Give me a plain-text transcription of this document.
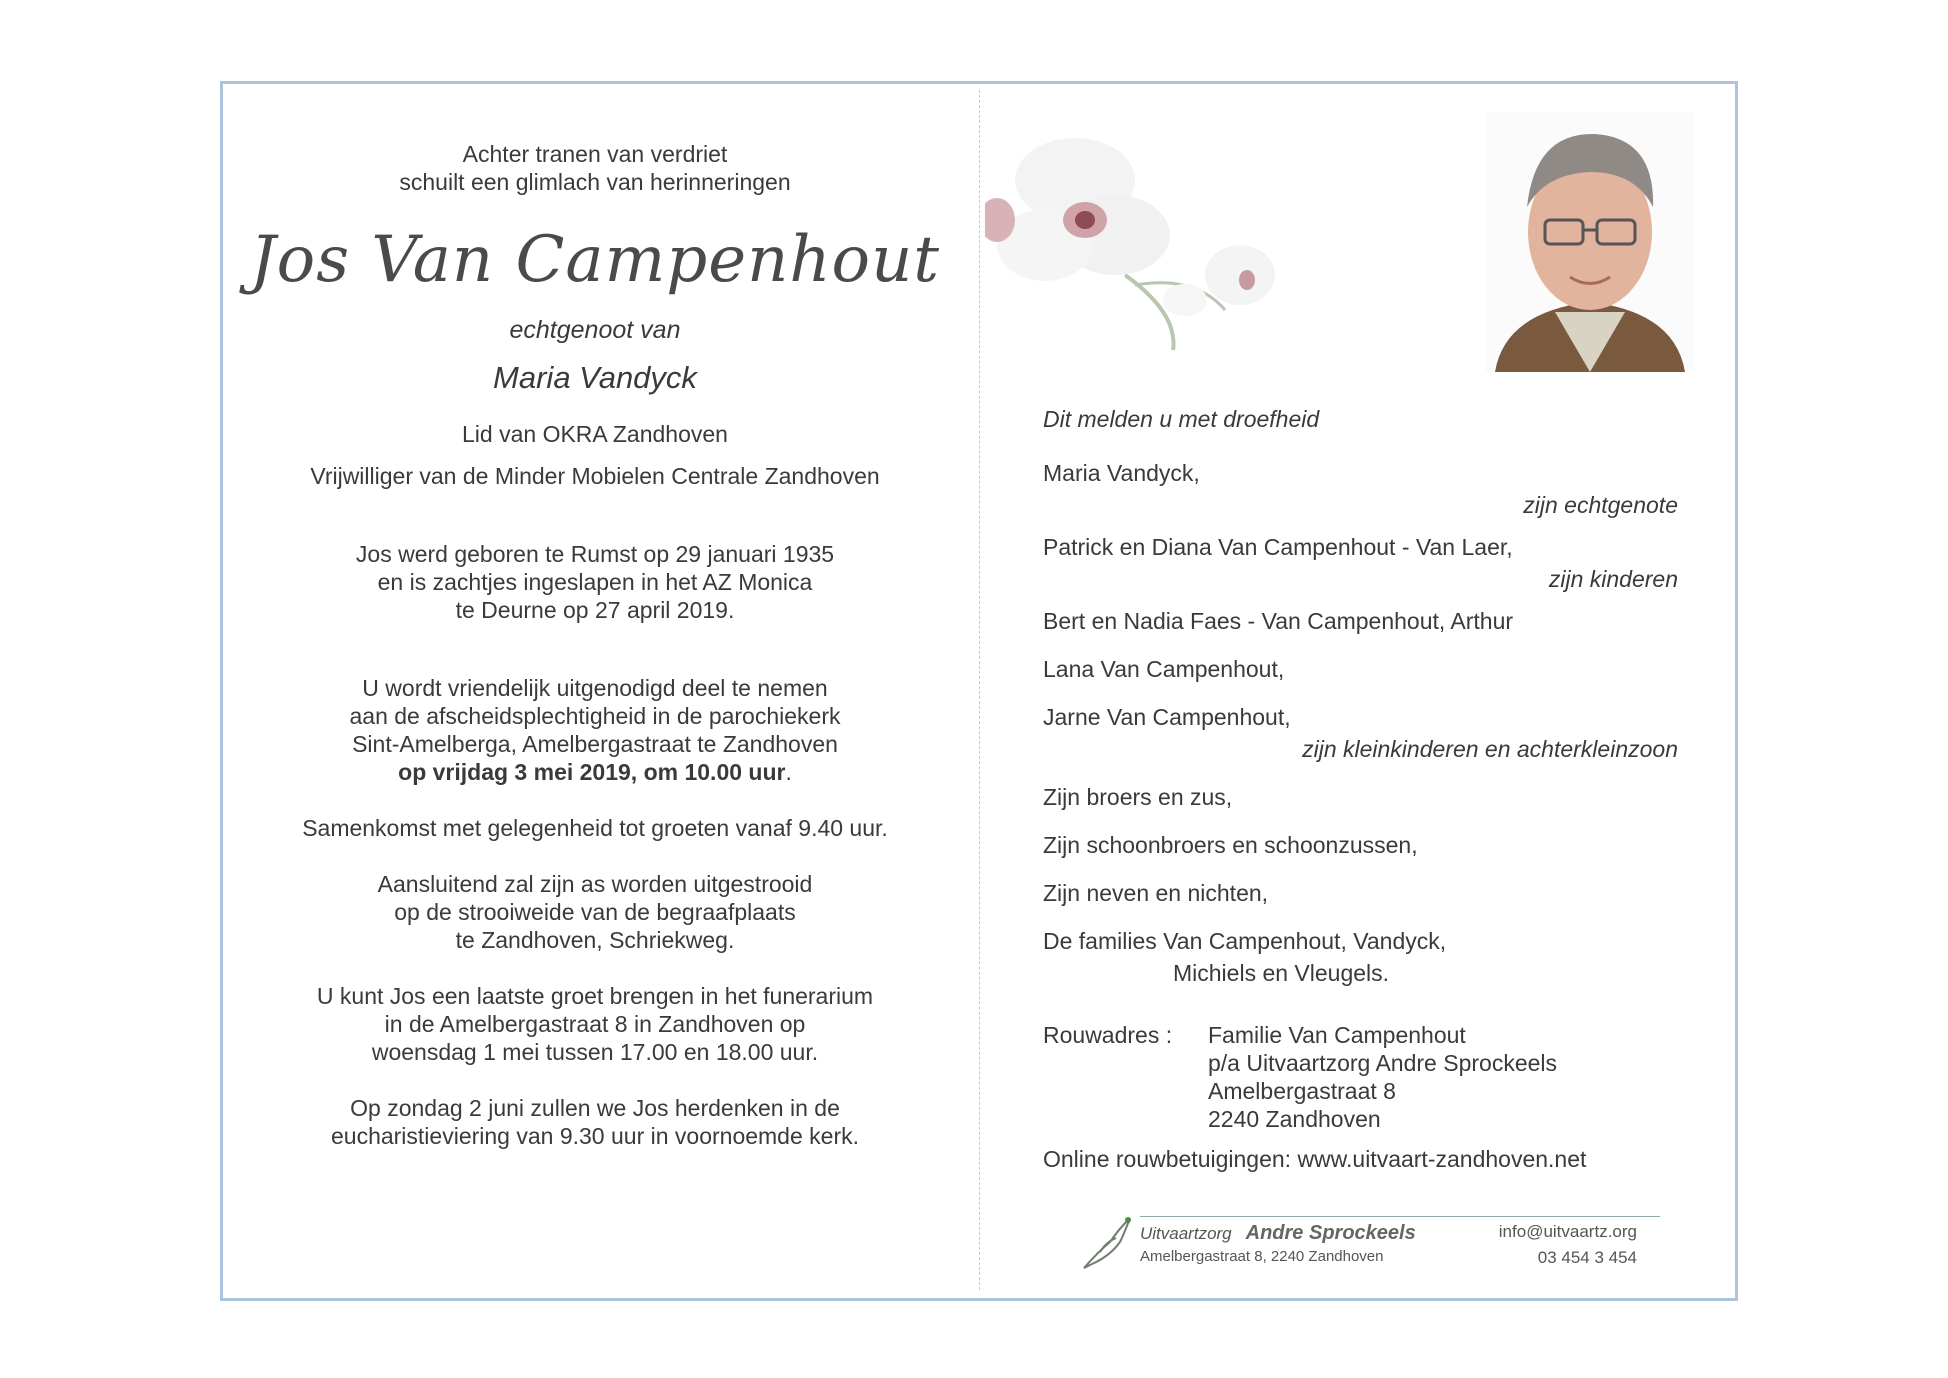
Achter tranen van verdriet

schuilt een glimlach van herinneringen

Jos Van Campenhout

echtgenoot van

Maria Vandyck

Lid van OKRA Zandhoven

Vrijwilliger van de Minder Mobielen Centrale Zandhoven

Jos werd geboren te Rumst op 29 januari 1935

en is zachtjes ingeslapen in het AZ Monica

te Deurne op 27 april 2019.

U wordt vriendelijk uitgenodigd deel te nemen

aan de afscheidsplechtigheid in de parochiekerk

Sint-Amelberga, Amelbergastraat te Zandhoven

op vrijdag 3 mei 2019, om 10.00 uur.

Samenkomst met gelegenheid tot groeten vanaf 9.40 uur.

Aansluitend zal zijn as worden uitgestrooid

op de strooiweide van de begraafplaats

te Zandhoven, Schriekweg.

U kunt Jos een laatste groet brengen in het funerarium

in de Amelbergastraat 8 in Zandhoven op

woensdag 1 mei tussen 17.00 en 18.00 uur.

Op zondag 2 juni zullen we Jos herdenken in de

eucharistieviering van 9.30 uur in voornoemde kerk.

Dit melden u met droefheid

Maria Vandyck,

zijn echtgenote

Patrick en Diana Van Campenhout - Van Laer,

zijn kinderen

Bert en Nadia Faes - Van Campenhout, Arthur

Lana Van Campenhout,

Jarne Van Campenhout,

zijn kleinkinderen en achterkleinzoon

Zijn broers en zus,

Zijn schoonbroers en schoonzussen,

Zijn neven en nichten,

De families Van Campenhout, Vandyck,

Michiels en Vleugels.

Rouwadres :	Familie Van Campenhout
p/a Uitvaartzorg Andre Sprockeels
Amelbergastraat 8
2240 Zandhoven

Online rouwbetuigingen: www.uitvaart-zandhoven.net

Uitvaartzorg Andre Sprockeels	info@uitvaartz.org
Amelbergastraat 8, 2240 Zandhoven	03 454 3 454
